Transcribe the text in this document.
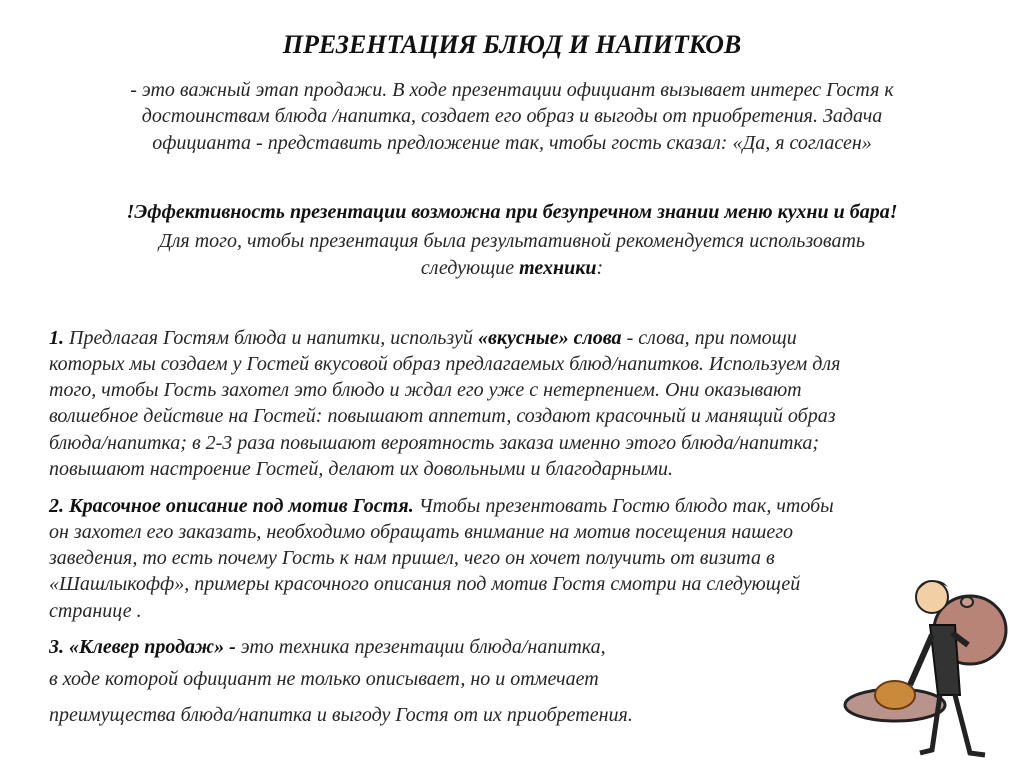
ПРЕЗЕНТАЦИЯ БЛЮД И НАПИТКОВ
- это важный этап продажи. В ходе презентации официант вызывает интерес Гостя к
достоинствам блюда /напитка, создает его образ и выгоды от приобретения. Задача
официанта - представить предложение так, чтобы гость сказал: «Да, я согласен»
!Эффективность презентации возможна при безупречном знании меню кухни и бара!
Для того, чтобы презентация была результативной рекомендуется использовать
следующие техники:
1. Предлагая Гостям блюда и напитки, используй «вкусные» слова - слова, при помощи
которых мы создаем у Гостей вкусовой образ предлагаемых блюд/напитков. Используем для
того, чтобы Гость захотел это блюдо и ждал его уже с нетерпением. Они оказывают
волшебное действие на Гостей: повышают аппетит, создают красочный и манящий образ
блюда/напитка; в 2-3 раза повышают вероятность заказа именно этого блюда/напитка;
повышают настроение Гостей, делают их довольными и благодарными.
2. Красочное описание под мотив Гостя. Чтобы презентовать Гостю блюдо так, чтобы
он захотел его заказать, необходимо обращать внимание на мотив посещения нашего
заведения, то есть почему Гость к нам пришел, чего он хочет получить от визита в
«Шашлыкофф», примеры красочного описания под мотив Гостя смотри на следующей
странице .
3. «Клевер продаж» - это техника презентации блюда/напитка,
в ходе которой официант не только описывает, но и отмечает
преимущества блюда/напитка и выгоду Гостя от их приобретения.
